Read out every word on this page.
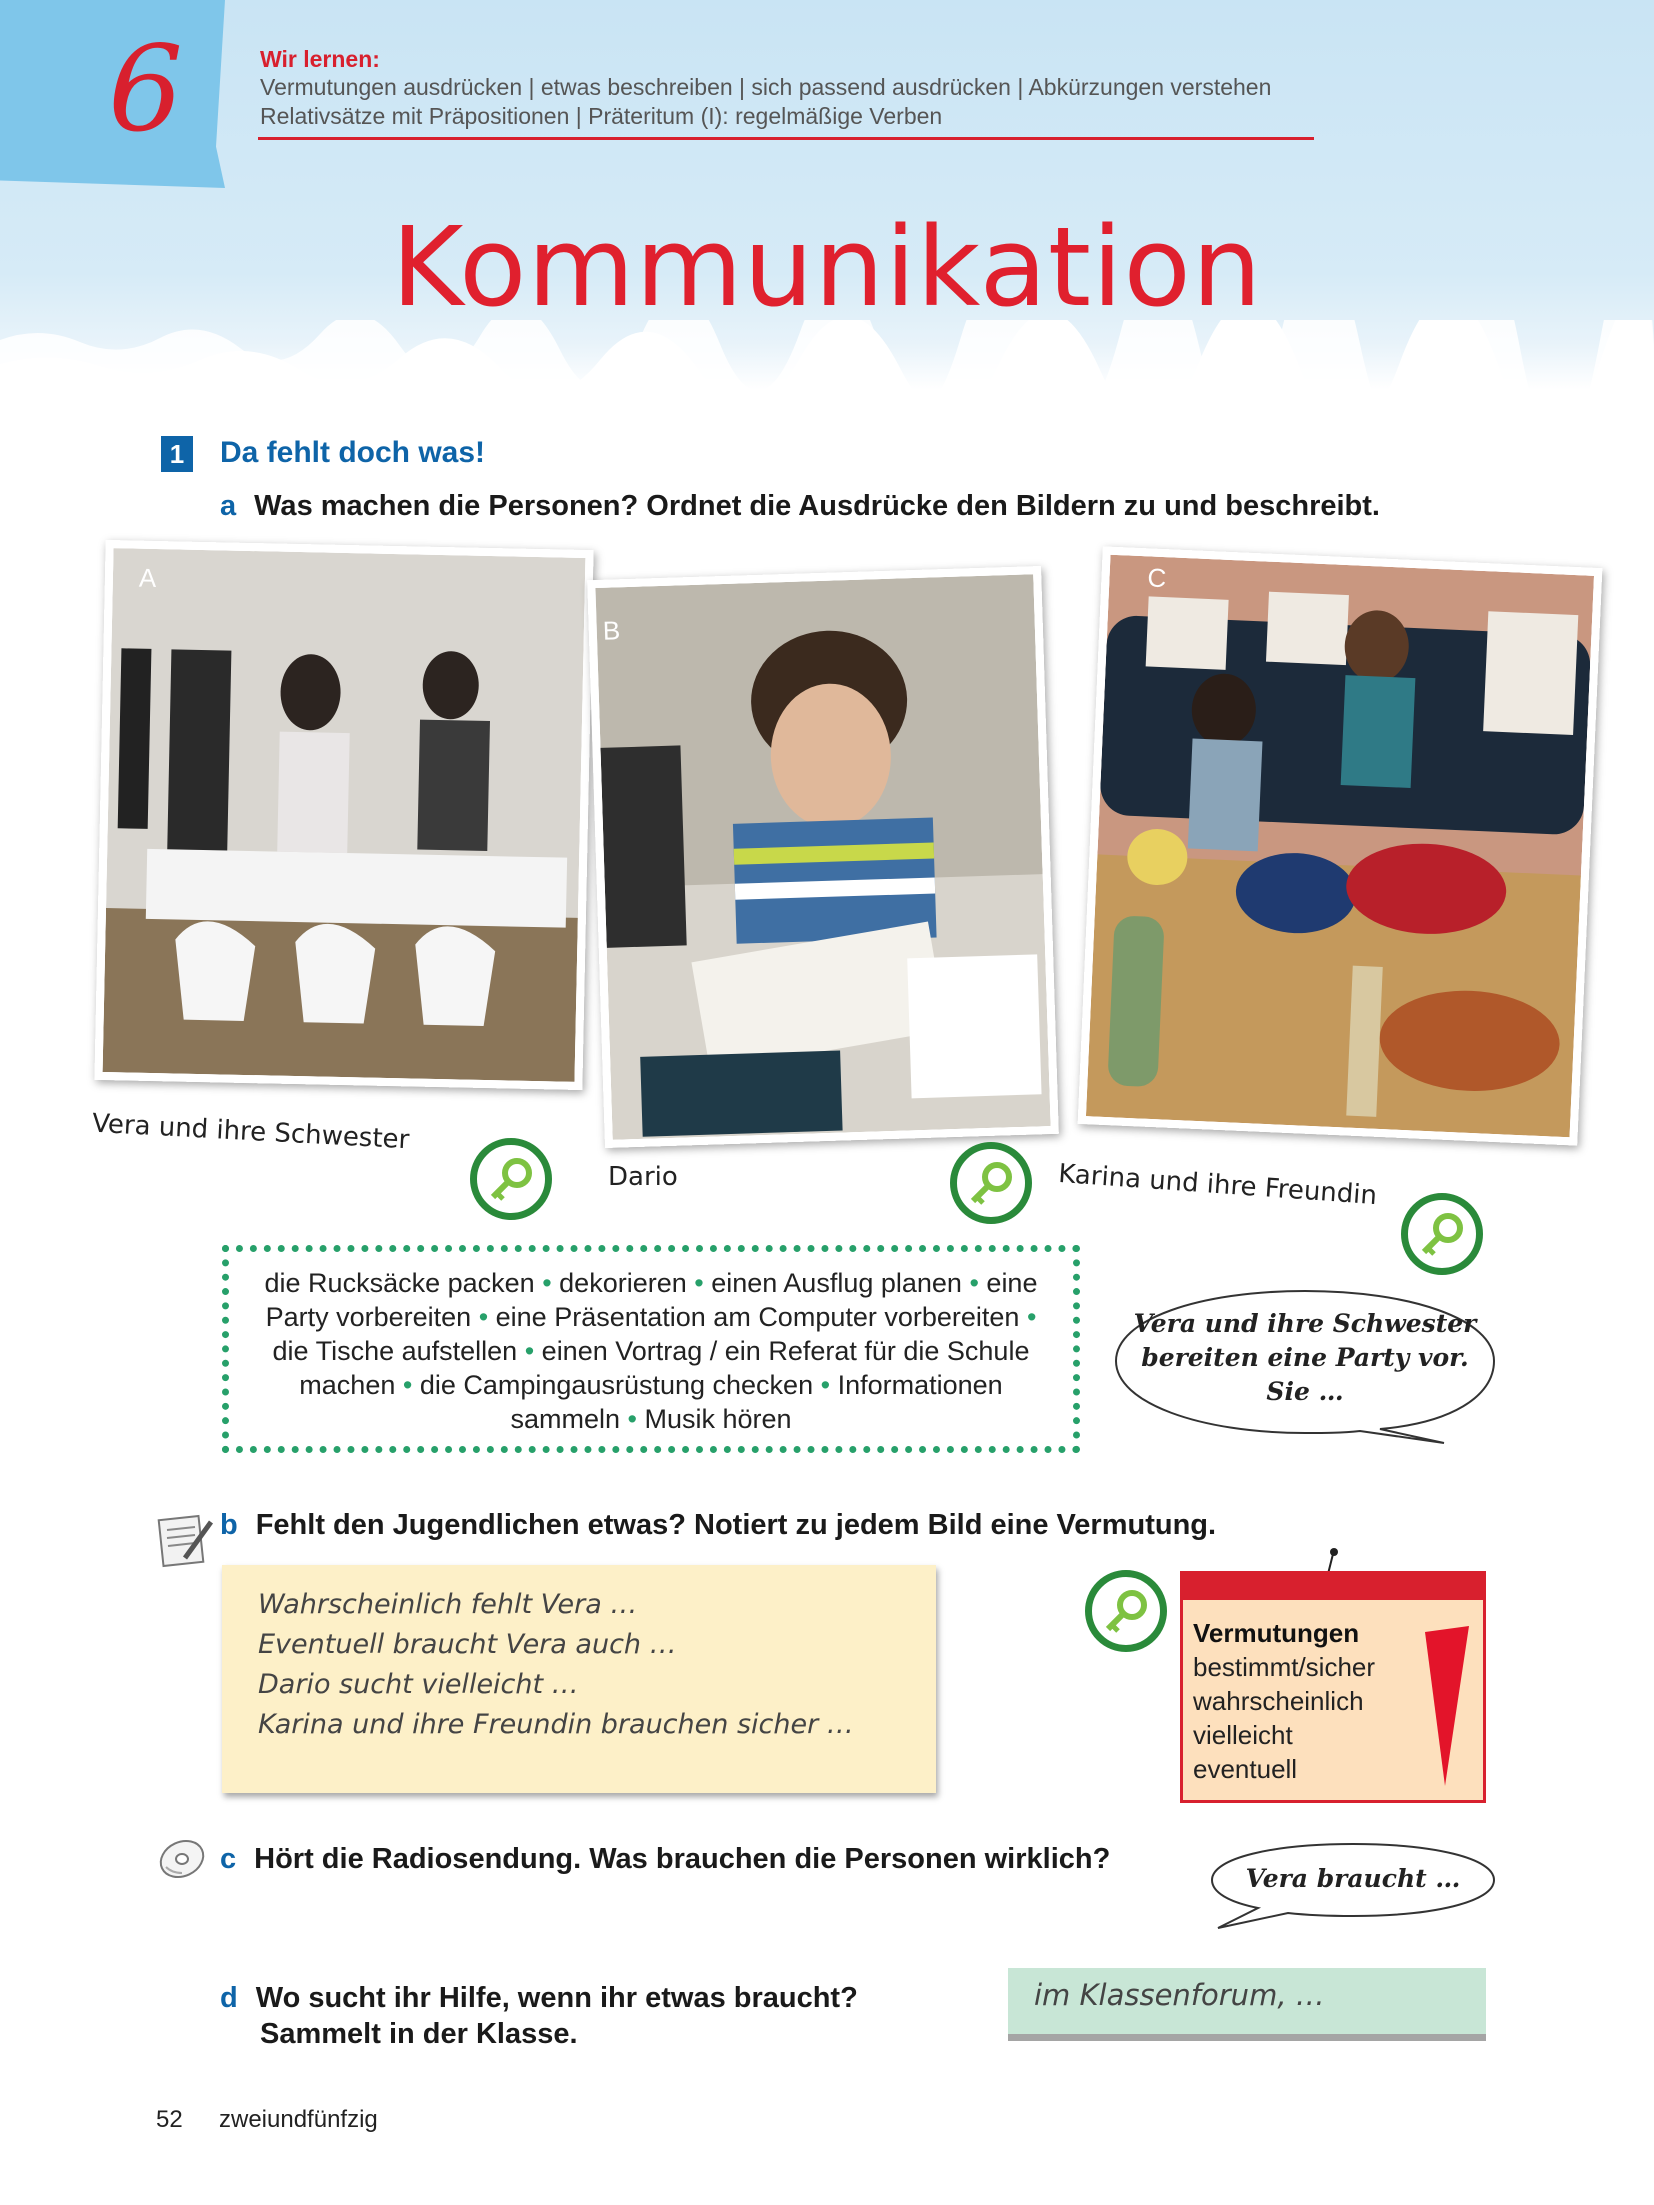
6	Wir lernen:
Vermutungen ausdrücken | etwas beschreiben | sich passend ausdrücken | Abkürzungen verstehen
Relativsätze mit Präpositionen | Präteritum (I): regelmäßige Verben
Kommunikation
1 Da fehlt doch was!
a Was machen die Personen? Ordnet die Ausdrücke den Bildern zu und beschreibt.
A
B
C
Vera und ihre Schwester
Dario	Karina und ihre Freundin
die Rucksäcke packen • dekorieren • einen Ausflug planen • eine Party vorbereiten • eine Präsentation am Computer vorbereiten • die Tische aufstellen • einen Vortrag / ein Referat für die Schule machen • die Campingausrüstung checken • Informationen sammeln • Musik hören
Vera und ihre Schwester
bereiten eine Party vor.
Sie …
b Fehlt den Jugendlichen etwas? Notiert zu jedem Bild eine Vermutung.
Wahrscheinlich fehlt Vera …
Eventuell braucht Vera auch …
Dario sucht vielleicht …
Karina und ihre Freundin brauchen sicher …
Vermutungen
bestimmt/sicher
wahrscheinlich
vielleicht
eventuell
c Hört die Radiosendung. Was brauchen die Personen wirklich?
Vera braucht …
d Wo sucht ihr Hilfe, wenn ihr etwas braucht?
Sammelt in der Klasse.
im Klassenforum, …
52 zweiundfünfzig
